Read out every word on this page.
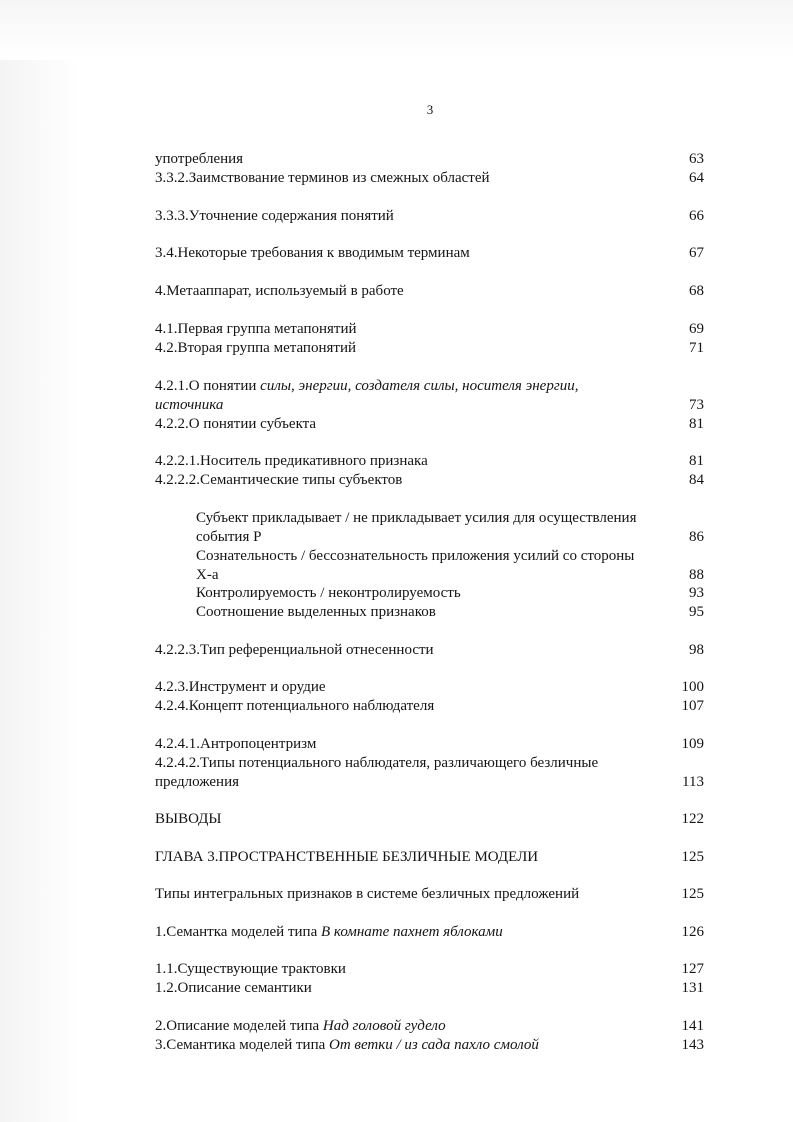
3
употребления	63
3.3.2.Заимствование терминов из смежных областей	64
3.3.3.Уточнение содержания понятий	66
3.4.Некоторые требования к вводимым терминам	67
4.Метааппарат, используемый в работе	68
4.1.Первая группа метапонятий	69
4.2.Вторая группа метапонятий	71
4.2.1.О понятии силы, энергии, создателя силы, носителя энергии,
источника	73
4.2.2.О понятии субъекта	81
4.2.2.1.Носитель предикативного признака	81
4.2.2.2.Семантические типы субъектов	84
Субъект прикладывает / не прикладывает усилия для осуществления
события Р	86
Сознательность / бессознательность приложения усилий со стороны
Х-а	88
Контролируемость / неконтролируемость	93
Соотношение выделенных признаков	95
4.2.2.3.Тип референциальной отнесенности	98
4.2.3.Инструмент и орудие	100
4.2.4.Концепт потенциального наблюдателя	107
4.2.4.1.Антропоцентризм	109
4.2.4.2.Типы потенциального наблюдателя, различающего безличные
предложения	113
ВЫВОДЫ	122
ГЛАВА 3.ПРОСТРАНСТВЕННЫЕ БЕЗЛИЧНЫЕ МОДЕЛИ	125
Типы интегральных признаков в системе безличных предложений	125
1.Семантка моделей типа В комнате пахнет яблоками	126
1.1.Существующие трактовки	127
1.2.Описание семантики	131
2.Описание моделей типа Над головой гудело	141
3.Семантика моделей типа От ветки / из сада пахло смолой	143
